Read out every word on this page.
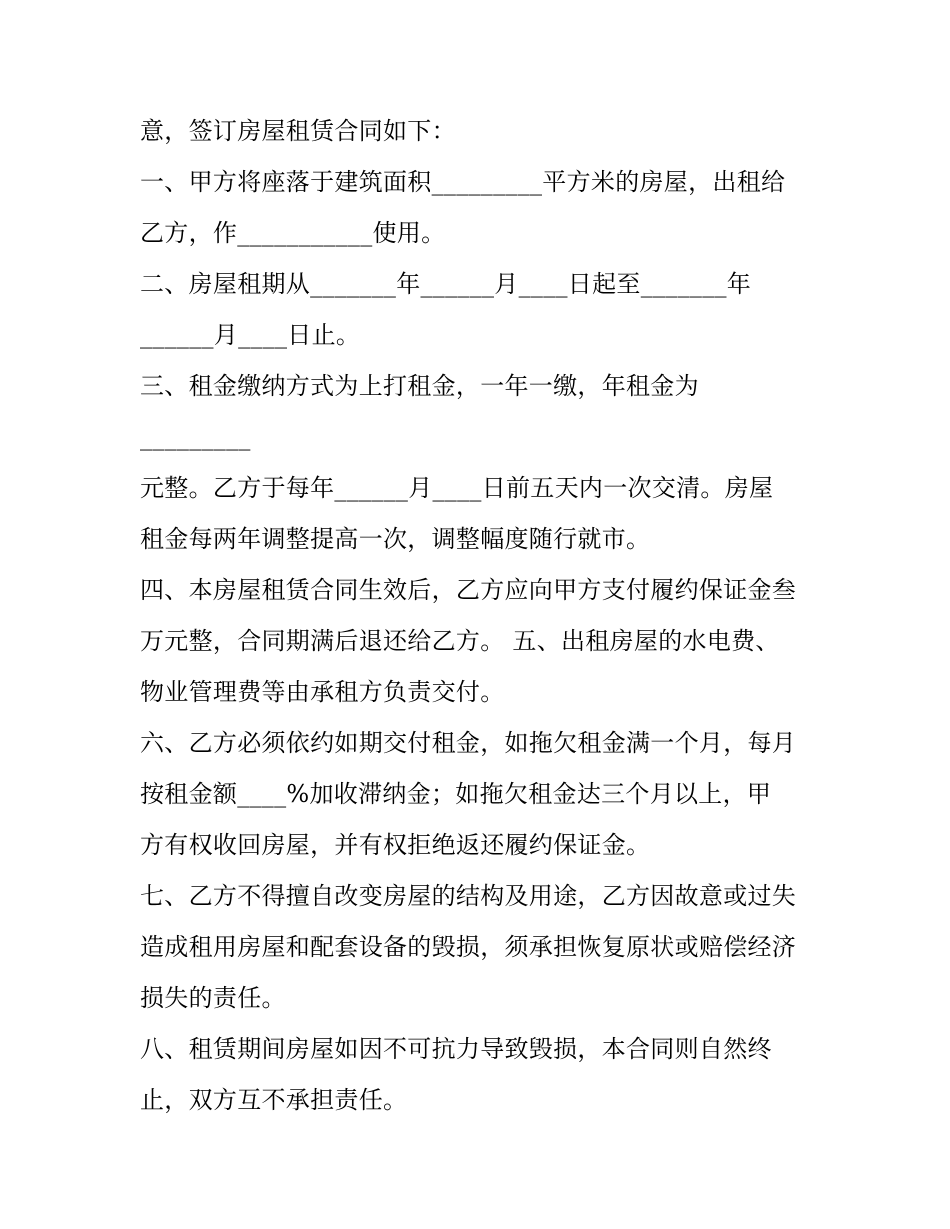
意，签订房屋租赁合同如下：
一、甲方将座落于建筑面积_________平方米的房屋，出租给
乙方，作___________使用。
二、房屋租期从_______年______月____日起至_______年
______月____日止。
三、租金缴纳方式为上打租金，一年一缴，年租金为
_________
元整。乙方于每年______月____日前五天内一次交清。房屋
租金每两年调整提高一次，调整幅度随行就市。
四、本房屋租赁合同生效后，乙方应向甲方支付履约保证金叁
万元整，合同期满后退还给乙方。 五、出租房屋的水电费、
物业管理费等由承租方负责交付。
六、乙方必须依约如期交付租金，如拖欠租金满一个月，每月
按租金额____%加收滞纳金；如拖欠租金达三个月以上，甲
方有权收回房屋，并有权拒绝返还履约保证金。
七、乙方不得擅自改变房屋的结构及用途，乙方因故意或过失
造成租用房屋和配套设备的毁损，须承担恢复原状或赔偿经济
损失的责任。
八、租赁期间房屋如因不可抗力导致毁损，本合同则自然终
止，双方互不承担责任。
